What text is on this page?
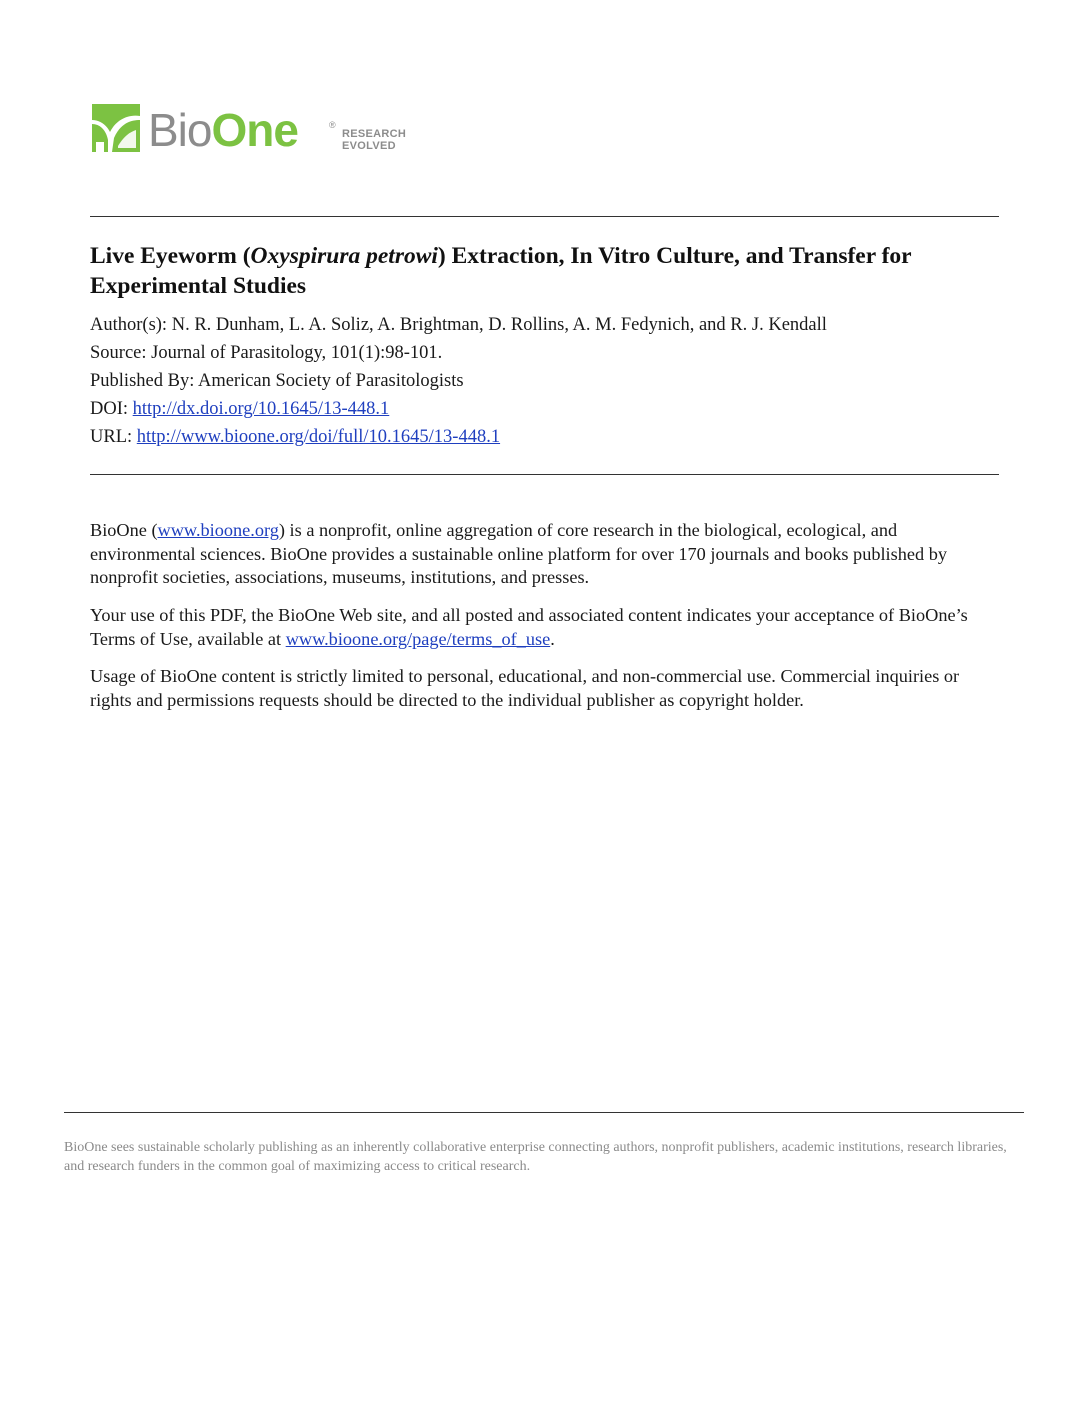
BioOne	®
RESEARCH
EVOLVED
Live Eyeworm (Oxyspirura petrowi) Extraction, In Vitro Culture, and Transfer for Experimental Studies
Author(s): N. R. Dunham, L. A. Soliz, A. Brightman, D. Rollins, A. M. Fedynich, and R. J. Kendall
Source: Journal of Parasitology, 101(1):98-101.
Published By: American Society of Parasitologists
DOI: http://dx.doi.org/10.1645/13-448.1
URL: http://www.bioone.org/doi/full/10.1645/13-448.1

BioOne (www.bioone.org) is a nonprofit, online aggregation of core research in the biological, ecological, and environmental sciences. BioOne provides a sustainable online platform for over 170 journals and books published by nonprofit societies, associations, museums, institutions, and presses.

Your use of this PDF, the BioOne Web site, and all posted and associated content indicates your acceptance of BioOne’s Terms of Use, available at www.bioone.org/page/terms_of_use.

Usage of BioOne content is strictly limited to personal, educational, and non-commercial use. Commercial inquiries or rights and permissions requests should be directed to the individual publisher as copyright holder.

BioOne sees sustainable scholarly publishing as an inherently collaborative enterprise connecting authors, nonprofit publishers, academic institutions, research libraries, and research funders in the common goal of maximizing access to critical research.
